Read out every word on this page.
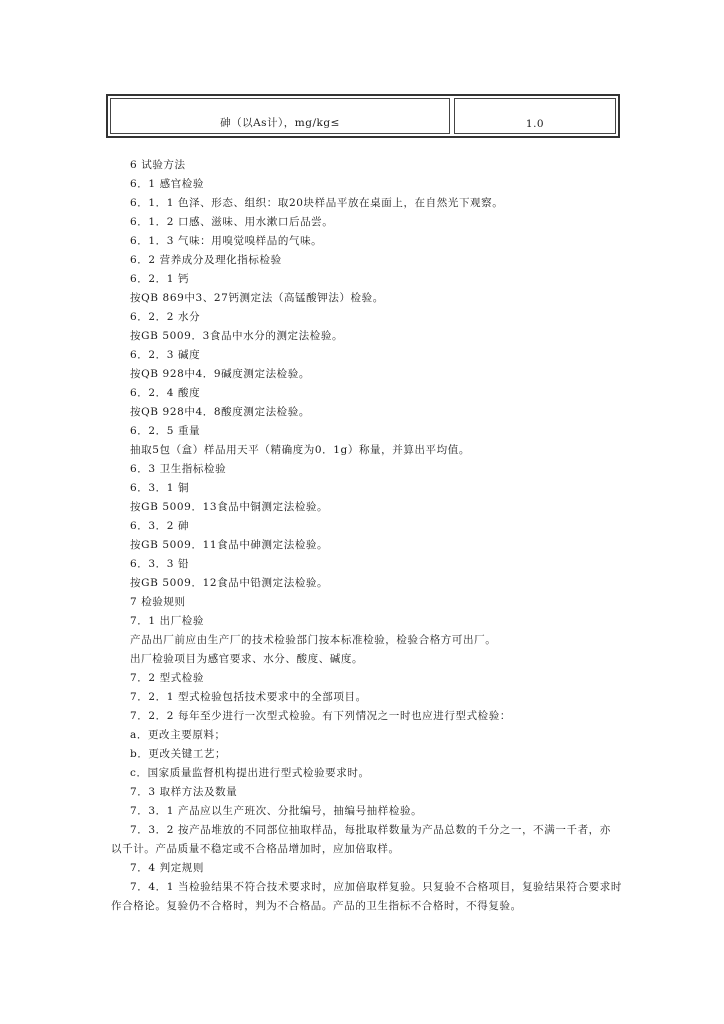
砷（以As计），mg/kg≤	1.0
6 试验方法
6．1 感官检验
6．1．1 色泽、形态、组织：取20块样品平放在桌面上，在自然光下观察。
6．1．2 口感、滋味、用水漱口后品尝。
6．1．3 气味：用嗅觉嗅样品的气味。
6．2 营养成分及理化指标检验
6．2．1 钙
按QB 869中3、27钙测定法（高锰酸钾法）检验。
6．2．2 水分
按GB 5009．3食品中水分的测定法检验。
6．2．3 碱度
按QB 928中4．9碱度测定法检验。
6．2．4 酸度
按QB 928中4．8酸度测定法检验。
6．2．5 重量
抽取5包（盒）样品用天平（精确度为0．1g）称量，并算出平均值。
6．3 卫生指标检验
6．3．1 铜
按GB 5009．13食品中铜测定法检验。
6．3．2 砷
按GB 5009．11食品中砷测定法检验。
6．3．3 铅
按GB 5009．12食品中铅测定法检验。
7 检验规则
7．1 出厂检验
产品出厂前应由生产厂的技术检验部门按本标准检验，检验合格方可出厂。
出厂检验项目为感官要求、水分、酸度、碱度。
7．2 型式检验
7．2．1 型式检验包括技术要求中的全部项目。
7．2．2 每年至少进行一次型式检验。有下列情况之一时也应进行型式检验：
a．更改主要原料；
b．更改关键工艺；
c．国家质量监督机构提出进行型式检验要求时。
7．3 取样方法及数量
7．3．1 产品应以生产班次、分批编号，抽编号抽样检验。
7．3．2 按产品堆放的不同部位抽取样品，每批取样数量为产品总数的千分之一，不满一千者，亦
以千计。产品质量不稳定或不合格品增加时，应加倍取样。
7．4 判定规则
7．4．1 当检验结果不符合技术要求时，应加倍取样复验。只复验不合格项目，复验结果符合要求时
作合格论。复验仍不合格时，判为不合格品。产品的卫生指标不合格时，不得复验。
